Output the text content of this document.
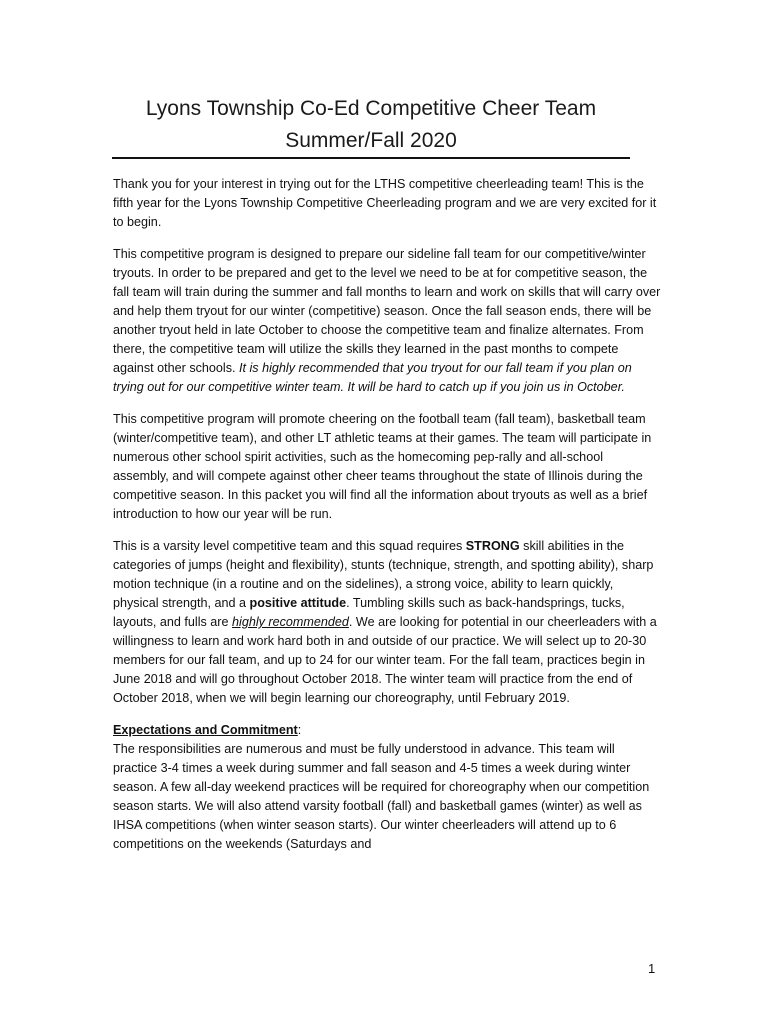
Lyons Township Co-Ed Competitive Cheer Team
Summer/Fall 2020

Thank you for your interest in trying out for the LTHS competitive cheerleading team! This is the fifth year for the Lyons Township Competitive Cheerleading program and we are very excited for it to begin.

This competitive program is designed to prepare our sideline fall team for our competitive/winter tryouts. In order to be prepared and get to the level we need to be at for competitive season, the fall team will train during the summer and fall months to learn and work on skills that will carry over and help them tryout for our winter (competitive) season. Once the fall season ends, there will be another tryout held in late October to choose the competitive team and finalize alternates. From there, the competitive team will utilize the skills they learned in the past months to compete against other schools. It is highly recommended that you tryout for our fall team if you plan on trying out for our competitive winter team. It will be hard to catch up if you join us in October.

This competitive program will promote cheering on the football team (fall team), basketball team (winter/competitive team), and other LT athletic teams at their games. The team will participate in numerous other school spirit activities, such as the homecoming pep-rally and all-school assembly, and will compete against other cheer teams throughout the state of Illinois during the competitive season. In this packet you will find all the information about tryouts as well as a brief introduction to how our year will be run.

This is a varsity level competitive team and this squad requires STRONG skill abilities in the categories of jumps (height and flexibility), stunts (technique, strength, and spotting ability), sharp motion technique (in a routine and on the sidelines), a strong voice, ability to learn quickly, physical strength, and a positive attitude. Tumbling skills such as back-handsprings, tucks, layouts, and fulls are highly recommended. We are looking for potential in our cheerleaders with a willingness to learn and work hard both in and outside of our practice. We will select up to 20-30 members for our fall team, and up to 24 for our winter team. For the fall team, practices begin in June 2018 and will go throughout October 2018. The winter team will practice from the end of October 2018, when we will begin learning our choreography, until February 2019.

Expectations and Commitment:

The responsibilities are numerous and must be fully understood in advance. This team will practice 3-4 times a week during summer and fall season and 4-5 times a week during winter season. A few all-day weekend practices will be required for choreography when our competition season starts. We will also attend varsity football (fall) and basketball games (winter) as well as IHSA competitions (when winter season starts). Our winter cheerleaders will attend up to 6 competitions on the weekends (Saturdays and

1
